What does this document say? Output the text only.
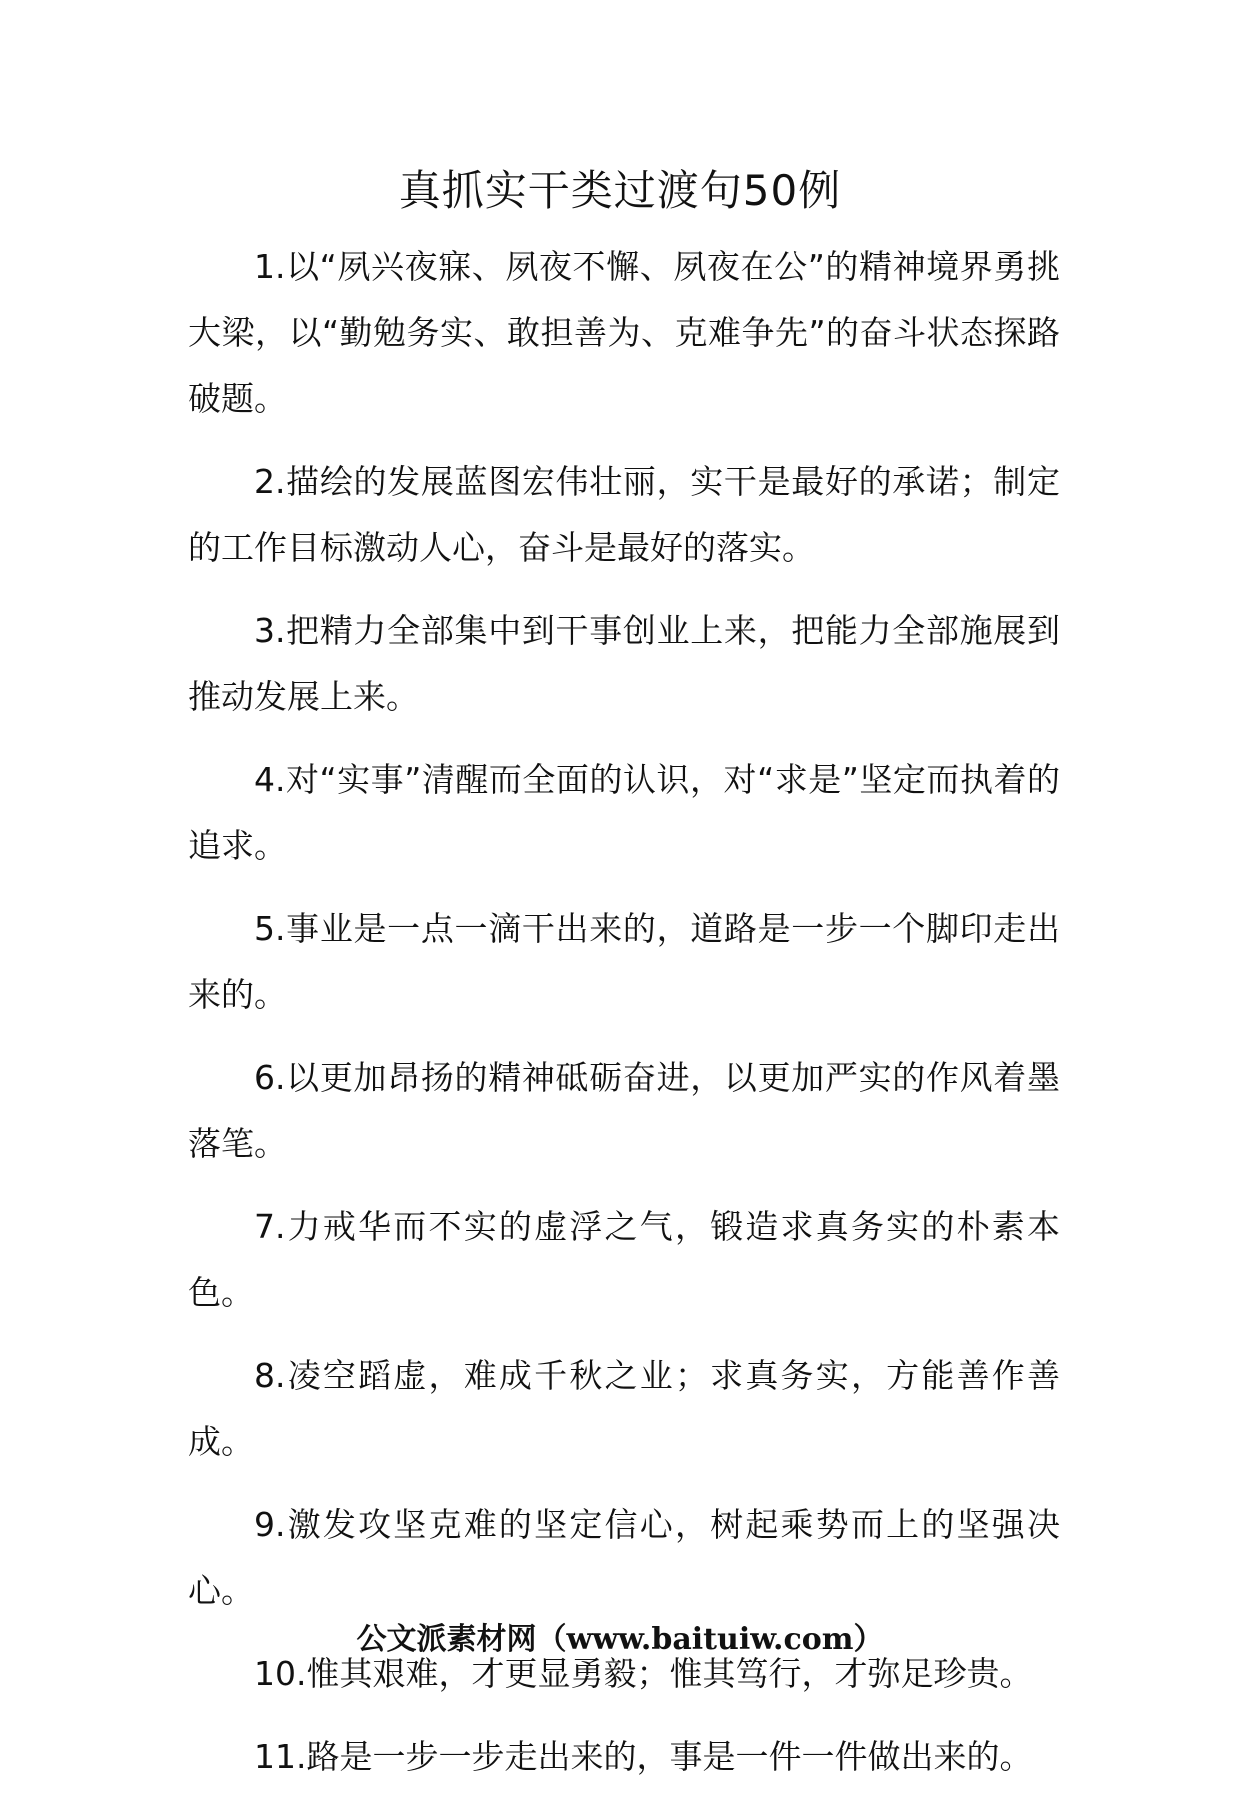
真抓实干类过渡句50例

1.以“夙兴夜寐、夙夜不懈、夙夜在公”的精神境界勇挑大梁，以“勤勉务实、敢担善为、克难争先”的奋斗状态探路破题。

2.描绘的发展蓝图宏伟壮丽，实干是最好的承诺；制定的工作目标激动人心，奋斗是最好的落实。

3.把精力全部集中到干事创业上来，把能力全部施展到推动发展上来。

4.对“实事”清醒而全面的认识，对“求是”坚定而执着的追求。

5.事业是一点一滴干出来的，道路是一步一个脚印走出来的。

6.以更加昂扬的精神砥砺奋进，以更加严实的作风着墨落笔。

7.力戒华而不实的虚浮之气，锻造求真务实的朴素本色。

8.凌空蹈虚，难成千秋之业；求真务实，方能善作善成。

9.激发攻坚克难的坚定信心，树起乘势而上的坚强决心。

10.惟其艰难，才更显勇毅；惟其笃行，才弥足珍贵。

11.路是一步一步走出来的，事是一件一件做出来的。

公文派素材网（www.baituiw.com）
